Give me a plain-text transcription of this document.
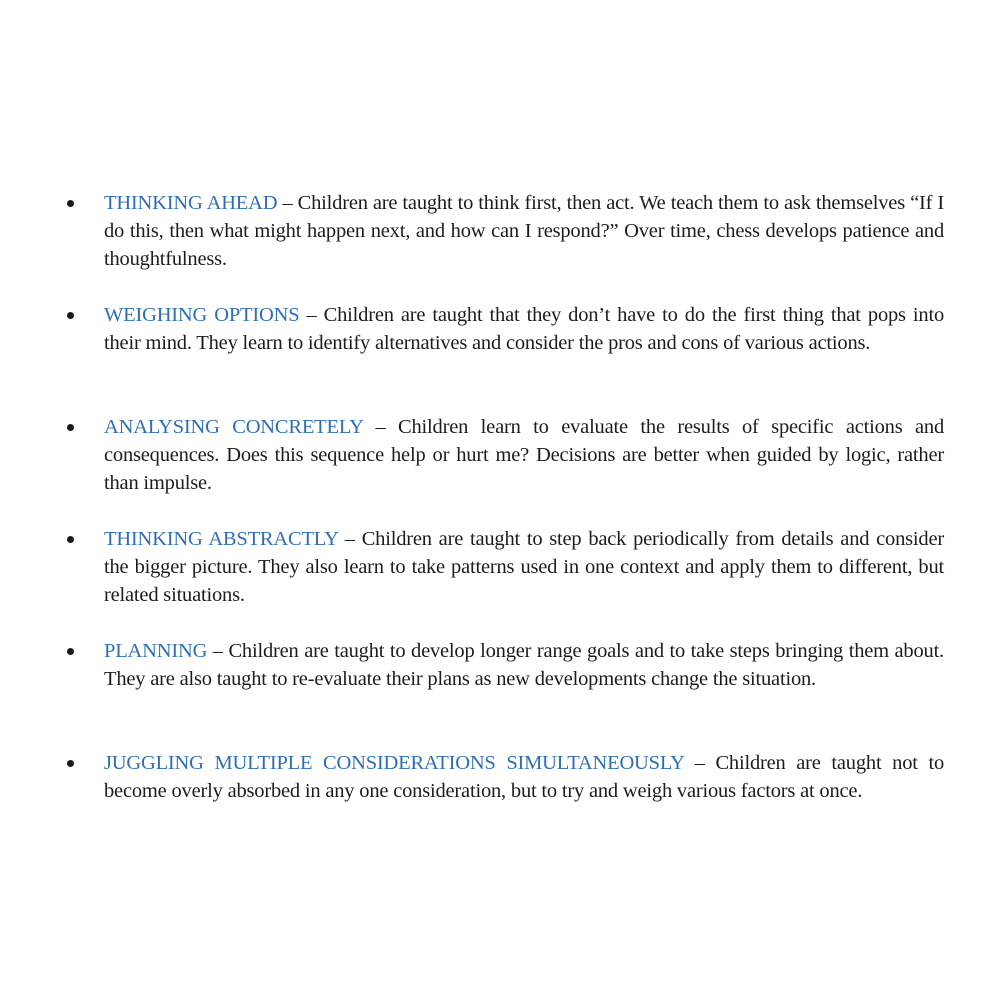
THINKING AHEAD – Children are taught to think first, then act. We teach them to ask themselves “If I do this, then what might happen next, and how can I respond?” Over time, chess develops patience and thoughtfulness.
WEIGHING OPTIONS – Children are taught that they don’t have to do the first thing that pops into their mind. They learn to identify alternatives and consider the pros and cons of various actions.
ANALYSING CONCRETELY – Children learn to evaluate the results of specific actions and consequences. Does this sequence help or hurt me? Decisions are better when guided by logic, rather than impulse.
THINKING ABSTRACTLY – Children are taught to step back periodically from details and consider the bigger picture. They also learn to take patterns used in one context and apply them to different, but related situations.
PLANNING – Children are taught to develop longer range goals and to take steps bringing them about. They are also taught to re-evaluate their plans as new developments change the situation.
JUGGLING MULTIPLE CONSIDERATIONS SIMULTANEOUSLY – Children are taught not to become overly absorbed in any one consideration, but to try and weigh various factors at once.
